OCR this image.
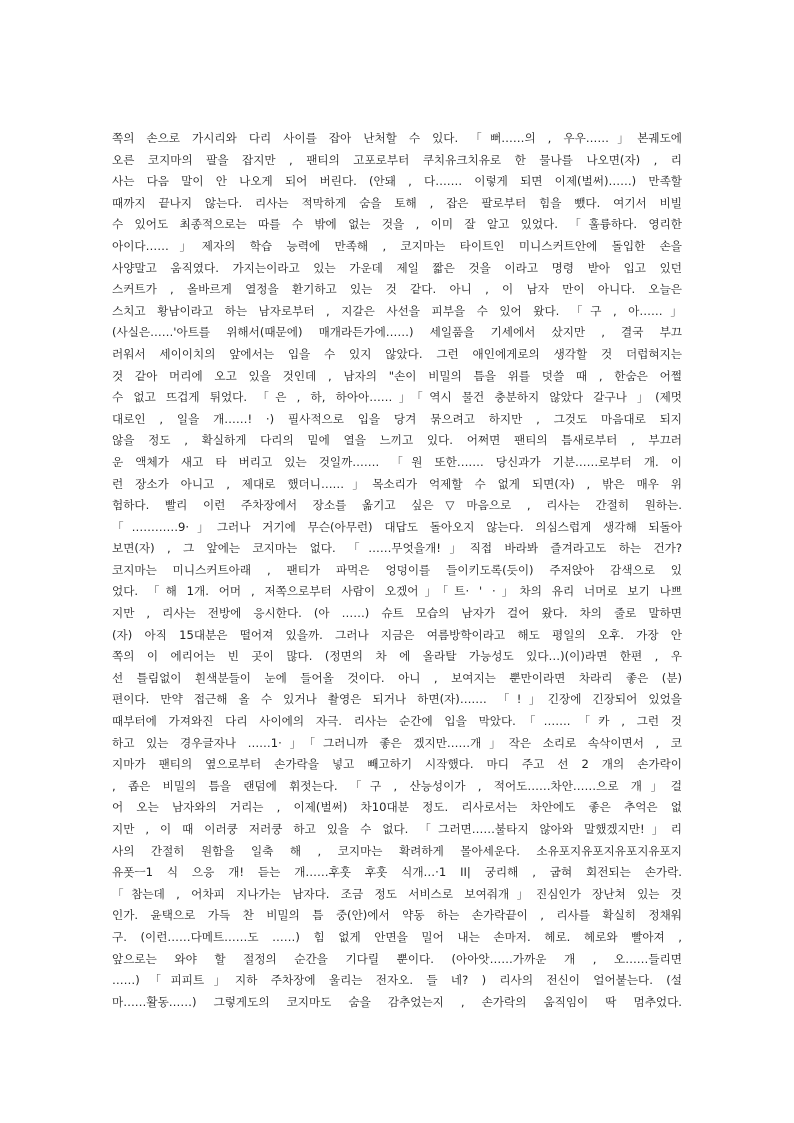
쪽의 손으로 가시리와 다리 사이를 잡아 난처할 수 있다. 「뻐……의 , 우우……」본궤도에
오른 코지마의 팔을 잡지만 , 팬티의 고포로부터 쿠치유크치유로 한 물나를 나오면(자) , 리
사는 다음 말이 안 나오게 되어 버린다. (안돼 , 다……. 이렇게 되면 이제(벌써)……) 만족할
때까지 끝나지 않는다. 리사는 적막하게 숨을 토해 , 잡은 팔로부터 힘을 뺐다. 여기서 비빌
수 있어도 최종적으로는 따를 수 밖에 없는 것을 , 이미 잘 알고 있었다. 「훌륭하다. 영리한
아이다……」제자의 학습 능력에 만족해 , 코지마는 타이트인 미니스커트안에 돌입한 손을
사양말고 움직였다. 가지는이라고 있는 가운데 제일 짧은 것을 이라고 명령 받아 입고 있던
스커트가 , 올바르게 열정을 환기하고 있는 것 같다. 아니 , 이 남자 만이 아니다. 오늘은
스치고 황남이라고 하는 남자로부터 , 지갈은 사선을 피부을 수 있어 왔다. 「구 , 아……」
(사실은……'아트를 위해서(때문에) 매개라든가에……) 세일품을 기세에서 샀지만 , 결국 부끄
러워서 세이이치의 앞에서는 입을 수 있지 않았다. 그런 애인에게로의 생각할 것 더럽혀지는
것 같아 머리에 오고 있을 것인데 , 남자의 "손이 비밀의 틈을 위를 덧쓸 때 , 한숨은 어쩔
수 없고 뜨겁게 튀었다. 「은 , 하, 하아아……」「역시 물건 충분하지 않았다 갈구나 」(제멋
대로인 , 일을 개……! ·) 필사적으로 입을 당겨 묶으려고 하지만 , 그것도 마음대로 되지
않을 정도 , 확실하게 다리의 밑에 열을 느끼고 있다. 어쩌면 팬티의 틈새로부터 , 부끄러
운 액체가 새고 타 버리고 있는 것일까……. 「원 또한……. 당신과가 기분……로부터 개. 이
런 장소가 아니고 , 제대로 했더니……」목소리가 억제할 수 없게 되면(자) , 밖은 매우 위
험하다. 빨리 이런 주차장에서 장소를 옮기고 싶은▽마음으로 , 리사는 간절히 원하는.
「…………9·」그러나 거기에 무슨(아무런) 대답도 돌아오지 않는다. 의심스럽게 생각해 되돌아
보면(자) , 그 앞에는 코지마는 없다. 「……무엇을개!」직접 바라봐 즐겨라고도 하는 건가?
코지마는 미니스커트아래 , 팬티가 파먹은 엉덩이를 들이키도록(듯이) 주저앉아 감색으로 있
었다. 「해 1개. 어머 , 저쪽으로부터 사람이 오겠어」「트· ' ·」차의 유리 너머로 보기 나쁘
지만 , 리사는 전방에 응시한다. (아 ……) 슈트 모습의 남자가 걸어 왔다. 차의 줄로 말하면
(자) 아직 15대분은 떨어져 있을까. 그러나 지금은 여름방학이라고 해도 평일의 오후. 가장 안
쪽의 이 에리어는 빈 곳이 많다. (정면의 차 에 올라탈 가능성도 있다…)(이)라면 한편 , 우
선 틀림없이 흰색분들이 눈에 들어올 것이다. 아니 , 보여지는 뿐만이라면 차라리 좋은 (분)
편이다. 만약 접근해 올 수 있거나 촬영은 되거나 하면(자)……. 「!」긴장에 긴장되어 있었을
때부터에 가져와진 다리 사이에의 자극. 리사는 순간에 입을 막았다.「…….「카 , 그런 것
하고 있는 경우글자나 ……1·」「그러니까 좋은 겠지만……개」작은 소리로 속삭이면서 , 코
지마가 팬티의 옆으로부터 손가락을 넣고 빼고하기 시작했다. 마디 주고 선 2 개의 손가락이
, 좁은 비밀의 틈을 랜덤에 휘젓는다. 「구 , 산능성이가 , 적어도……차안……으로 개」걸
어 오는 남자와의 거리는 , 이제(벌써) 차10대분 정도. 리사로서는 차안에도 좋은 추억은 없
지만 , 이 때 이러쿵 저러쿵 하고 있을 수 없다. 「그러면……불타지 않아와 말했겠지만!」리
사의 간절히 원함을 일축 해 , 코지마는 확려하게 몰아세운다. 소유포지유포지유포지유포지
유폿ㅡ1 식 으응 개! 듣는 개……후훗 후훗 식개…·1 II| 궁리해 , 굽혀 회전되는 손가락.
「참는데 , 어차피 지나가는 남자다. 조금 정도 서비스로 보여줘개」진심인가 장난쳐 있는 것
인가. 윤택으로 가득 찬 비밀의 틈 중(안)에서 약동 하는 손가락끝이 , 리사를 확실히 정채워
구. (이런……다메트……도 ……) 힘 없게 안면을 밀어 내는 손마저. 헤로. 헤로와 빨아져 ,
앞으로는 와야 할 절정의 순간을 기다릴 뿐이다. (아아앗……가까운 개 , 오……들리면
……)「피피트」지하 주차장에 울리는 전자오. 들 네? ) 리사의 전신이 얼어붙는다. (설
마……활동……) 그렇게도의 코지마도 숨을 감추었는지 , 손가락의 움직임이 딱 멈추었다.
